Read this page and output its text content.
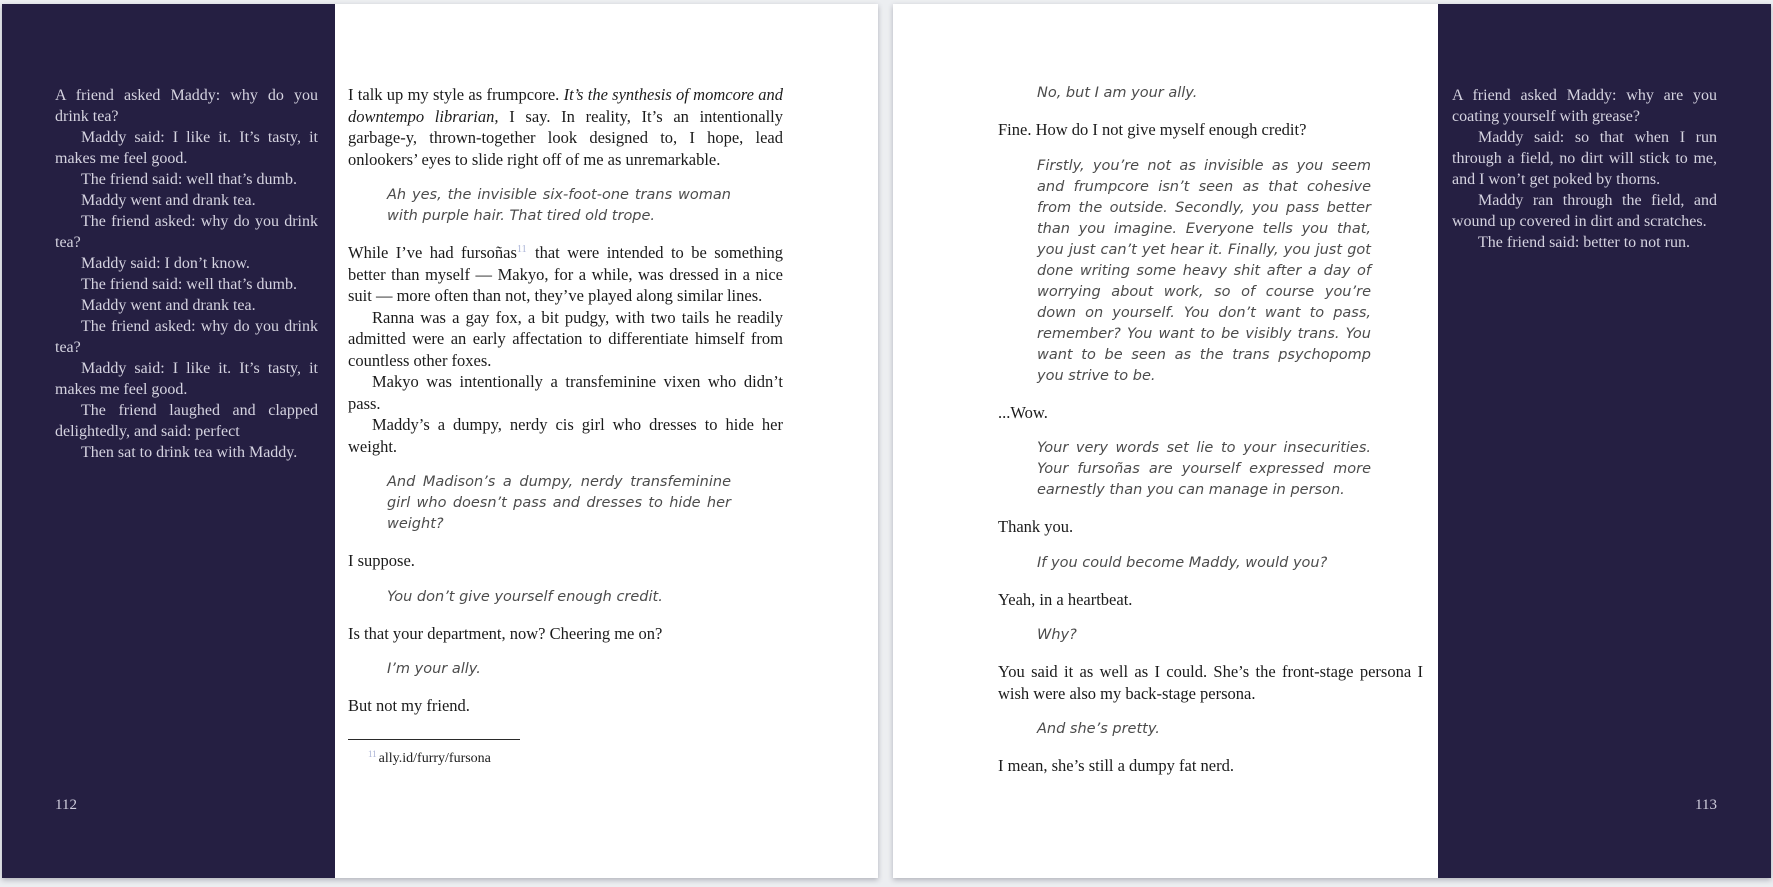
A friend asked Maddy: why do you drink tea?

Maddy said: I like it. It’s tasty, it makes me feel good.

The friend said: well that’s dumb.

Maddy went and drank tea.

The friend asked: why do you drink tea?

Maddy said: I don’t know.

The friend said: well that’s dumb.

Maddy went and drank tea.

The friend asked: why do you drink tea?

Maddy said: I like it. It’s tasty, it makes me feel good.

The friend laughed and clapped delightedly, and said: perfect

Then sat to drink tea with Maddy.

112

I talk up my style as frumpcore. It’s the synthesis of momcore and downtempo librarian, I say. In reality, It’s an intentionally garbage-y, thrown-together look designed to, I hope, lead onlookers’ eyes to slide right off of me as unremarkable.

Ah yes, the invisible six-foot-one trans woman with purple hair. That tired old trope.

While I’ve had fursoñas$^{11}$ that were intended to be something better than myself — Makyo, for a while, was dressed in a nice suit — more often than not, they’ve played along similar lines.

Ranna was a gay fox, a bit pudgy, with two tails he readily admitted were an early affectation to differentiate himself from countless other foxes.

Makyo was intentionally a transfeminine vixen who didn’t pass.

Maddy’s a dumpy, nerdy cis girl who dresses to hide her weight.

And Madison’s a dumpy, nerdy transfeminine girl who doesn’t pass and dresses to hide her weight?

I suppose.

You don’t give yourself enough credit.

Is that your department, now? Cheering me on?

I’m your ally.

But not my friend.

$^{11}$ ally.id/furry/fursona

No, but I am your ally.

Fine. How do I not give myself enough credit?

Firstly, you’re not as invisible as you seem and frumpcore isn’t seen as that cohesive from the outside. Secondly, you pass better than you imagine. Everyone tells you that, you just can’t yet hear it. Finally, you just got done writing some heavy shit after a day of worrying about work, so of course you’re down on yourself. You don’t want to pass, remember? You want to be visibly trans. You want to be seen as the trans psychopomp you strive to be.

...Wow.

Your very words set lie to your insecurities. Your fursoñas are yourself expressed more earnestly than you can manage in person.

Thank you.

If you could become Maddy, would you?

Yeah, in a heartbeat.

Why?

You said it as well as I could. She’s the front-stage persona I wish were also my back-stage persona.

And she’s pretty.

I mean, she’s still a dumpy fat nerd.

A friend asked Maddy: why are you coating yourself with grease?

Maddy said: so that when I run through a field, no dirt will stick to me, and I won’t get poked by thorns.

Maddy ran through the field, and wound up covered in dirt and scratches.

The friend said: better to not run.

113
